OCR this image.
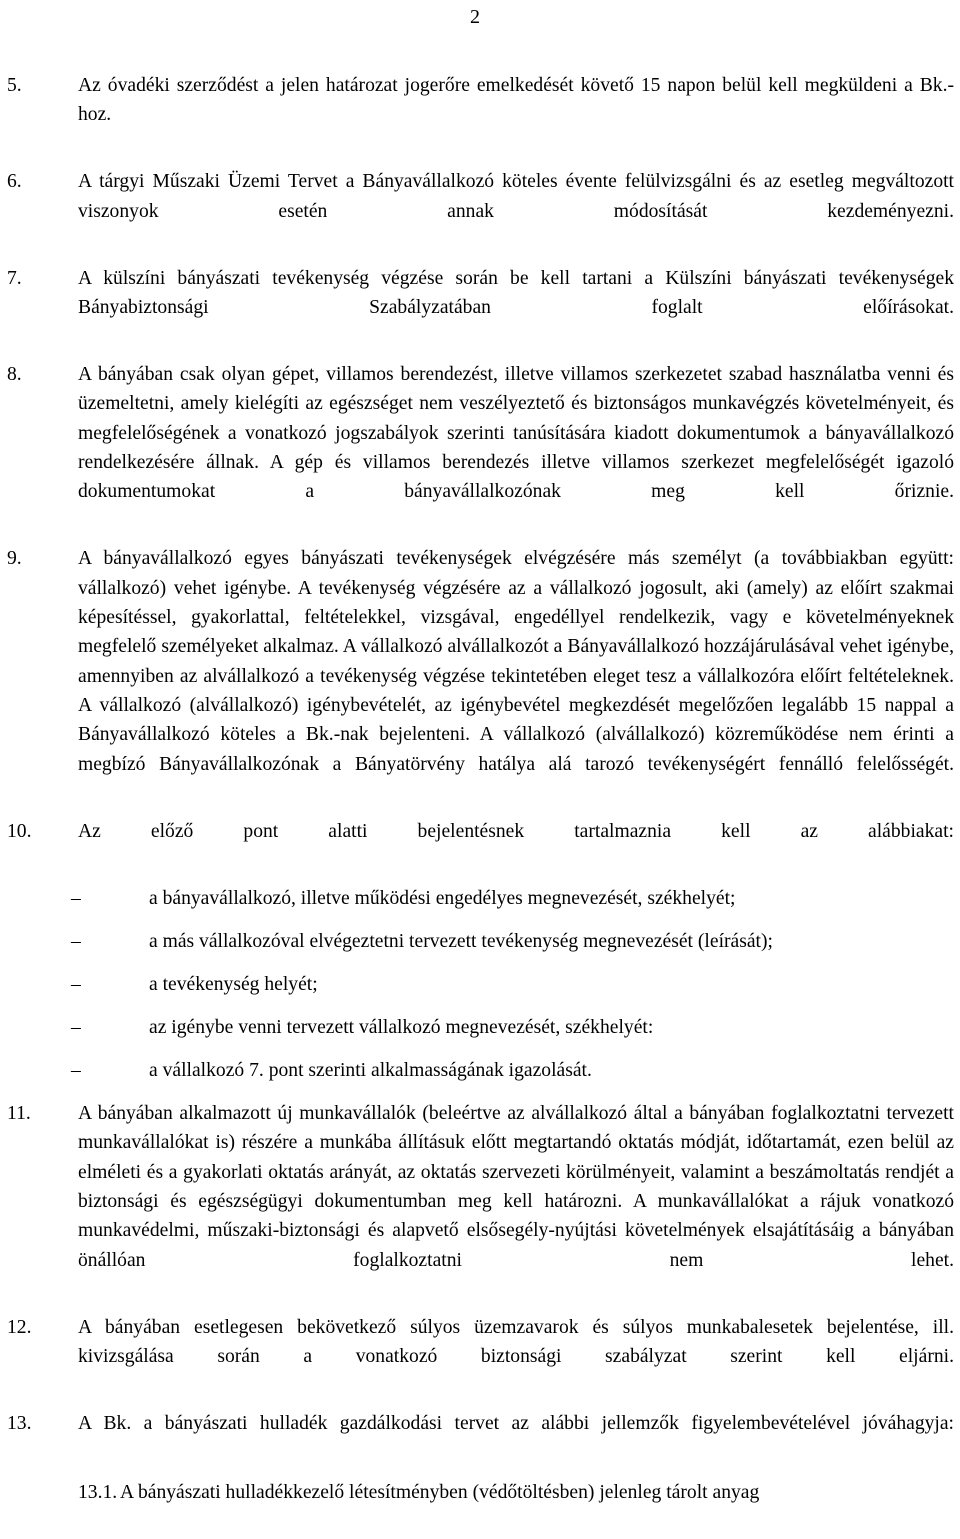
2
5.	Az óvadéki szerződést a jelen határozat jogerőre emelkedését követő 15 napon belül kell megküldeni a Bk.-hoz.
6.	A tárgyi Műszaki Üzemi Tervet a Bányavállalkozó köteles évente felülvizsgálni és az esetleg megváltozott viszonyok esetén annak módosítását kezdeményezni.
7.	A külszíni bányászati tevékenység végzése során be kell tartani a Külszíni bányászati tevékenységek Bányabiztonsági Szabályzatában foglalt előírásokat.
8.	A bányában csak olyan gépet, villamos berendezést, illetve villamos szerkezetet szabad használatba venni és üzemeltetni, amely kielégíti az egészséget nem veszélyeztető és biztonságos munkavégzés követelményeit, és megfelelőségének a vonatkozó jogszabályok szerinti tanúsítására kiadott dokumentumok a bányavállalkozó rendelkezésére állnak. A gép és villamos berendezés illetve villamos szerkezet megfelelőségét igazoló dokumentumokat a bányavállalkozónak meg kell őriznie.
9.	A bányavállalkozó egyes bányászati tevékenységek elvégzésére más személyt (a továbbiakban együtt: vállalkozó) vehet igénybe. A tevékenység végzésére az a vállalkozó jogosult, aki (amely) az előírt szakmai képesítéssel, gyakorlattal, feltételekkel, vizsgával, engedéllyel rendelkezik, vagy e követelményeknek megfelelő személyeket alkalmaz. A vállalkozó alvállalkozót a Bányavállalkozó hozzájárulásával vehet igénybe, amennyiben az alvállalkozó a tevékenység végzése tekintetében eleget tesz a vállalkozóra előírt feltételeknek. A vállalkozó (alvállalkozó) igénybevételét, az igénybevétel megkezdését megelőzően legalább 15 nappal a Bányavállalkozó köteles a Bk.-nak bejelenteni. A vállalkozó (alvállalkozó) közreműködése nem érinti a megbízó Bányavállalkozónak a Bányatörvény hatálya alá tarozó tevékenységért fennálló felelősségét.
10. Az előző pont alatti bejelentésnek tartalmaznia kell az alábbiakat:
–	a bányavállalkozó, illetve működési engedélyes megnevezését, székhelyét;
–	a más vállalkozóval elvégeztetni tervezett tevékenység megnevezését (leírását);
–	a tevékenység helyét;
–	az igénybe venni tervezett vállalkozó megnevezését, székhelyét:
–	a vállalkozó 7. pont szerinti alkalmasságának igazolását.
11. A bányában alkalmazott új munkavállalók (beleértve az alvállalkozó által a bányában foglalkoztatni tervezett munkavállalókat is) részére a munkába állításuk előtt megtartandó oktatás módját, időtartamát, ezen belül az elméleti és a gyakorlati oktatás arányát, az oktatás szervezeti körülményeit, valamint a beszámoltatás rendjét a biztonsági és egészségügyi dokumentumban meg kell határozni. A munkavállalókat a rájuk vonatkozó munkavédelmi, műszaki-biztonsági és alapvető elsősegély-nyújtási követelmények elsajátításáig a bányában önállóan foglalkoztatni nem lehet.
12. A bányában esetlegesen bekövetkező súlyos üzemzavarok és súlyos munkabalesetek bejelentése, ill. kivizsgálása során a vonatkozó biztonsági szabályzat szerint kell eljárni.
13. A Bk. a bányászati hulladék gazdálkodási tervet az alábbi jellemzők figyelembevételével jóváhagyja:
13.1. A bányászati hulladékkezelő létesítményben (védőtöltésben) jelenleg tárolt anyag
